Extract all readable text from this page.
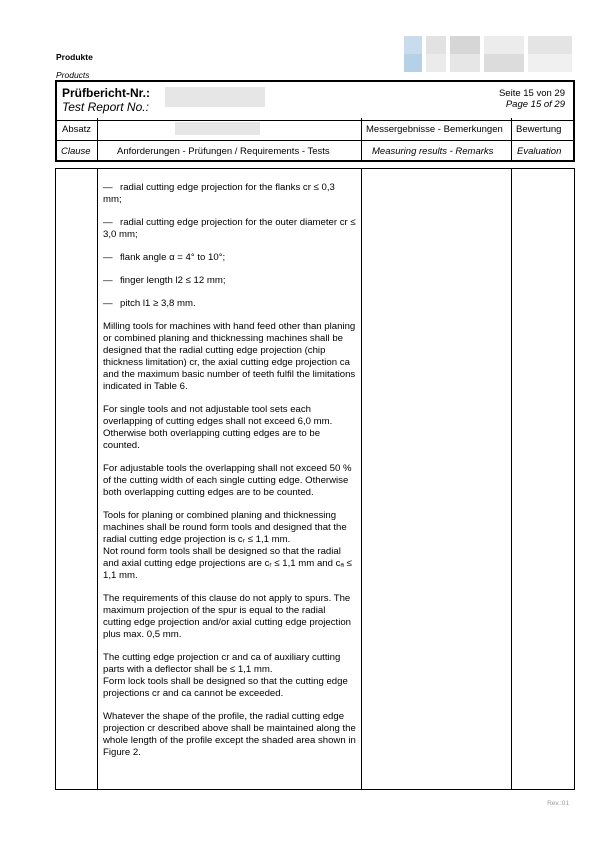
Produkte
Products
Prüfbericht-Nr.:
Test Report No.:
Seite 15 von 29
Page 15 of 29
Absatz
Clause	Anforderungen - Prüfungen / Requirements - Tests
Messergebnisse - Bemerkungen
Measuring results - Remarks
Bewertung
Evaluation

— radial cutting edge projection for the flanks cr ≤ 0,3 mm;

— radial cutting edge projection for the outer diameter cr ≤ 3,0 mm;

— flank angle α = 4° to 10°;

— finger length l2 ≤ 12 mm;

— pitch l1 ≥ 3,8 mm.

Milling tools for machines with hand feed other than planing or combined planing and thicknessing machines shall be designed that the radial cutting edge projection (chip thickness limitation) cr, the axial cutting edge projection ca and the maximum basic number of teeth fulfil the limitations indicated in Table 6.

For single tools and not adjustable tool sets each overlapping of cutting edges shall not exceed 6,0 mm. Otherwise both overlapping cutting edges are to be counted.

For adjustable tools the overlapping shall not exceed 50 % of the cutting width of each single cutting edge. Otherwise both overlapping cutting edges are to be counted.

Tools for planing or combined planing and thicknessing machines shall be round form tools and designed that the radial cutting edge projection is cᵣ ≤ 1,1 mm.
Not round form tools shall be designed so that the radial and axial cutting edge projections are cᵣ ≤ 1,1 mm and cₐ ≤ 1,1 mm.

The requirements of this clause do not apply to spurs. The maximum projection of the spur is equal to the radial cutting edge projection and/or axial cutting edge projection plus max. 0,5 mm.

The cutting edge projection cr and ca of auxiliary cutting parts with a deflector shall be ≤ 1,1 mm.
Form lock tools shall be designed so that the cutting edge projections cr and ca cannot be exceeded.

Whatever the shape of the profile, the radial cutting edge projection cr described above shall be maintained along the whole length of the profile except the shaded area shown in Figure 2.

Rev.:01
